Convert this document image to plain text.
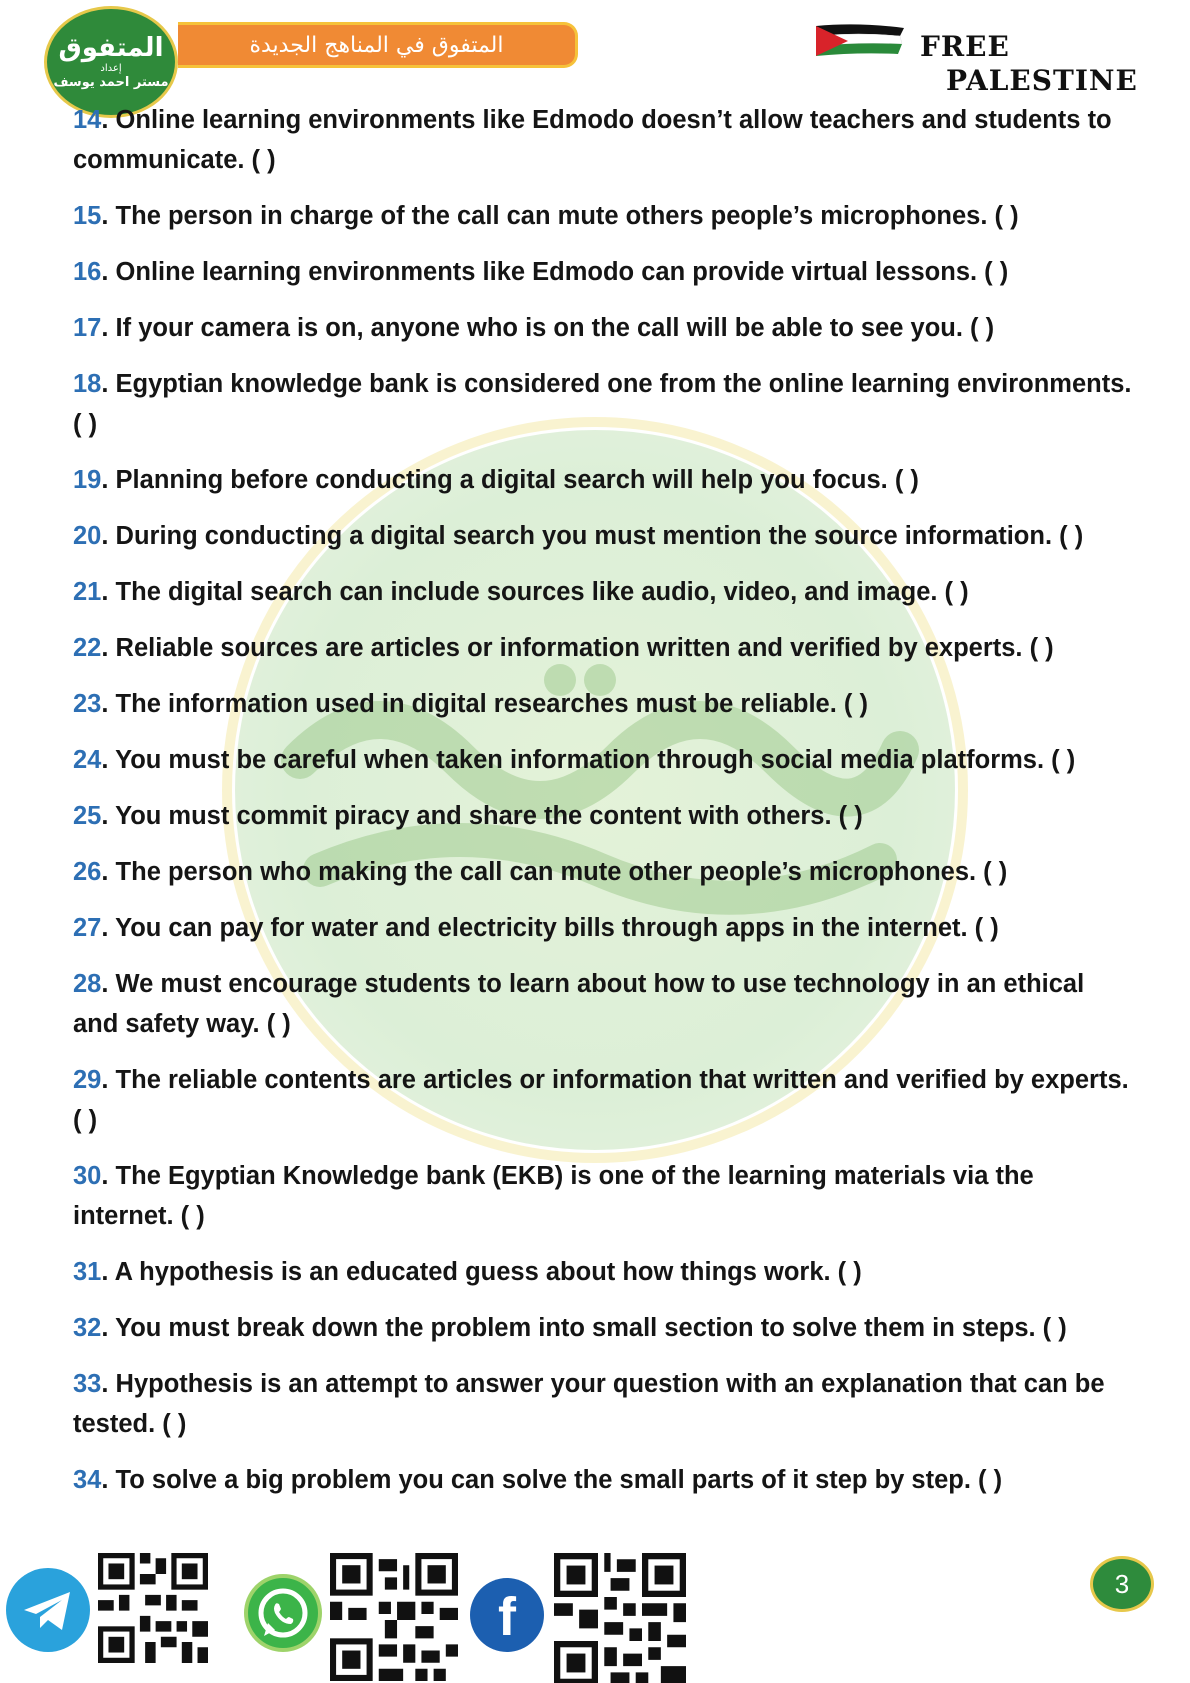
المتفوق
إعداد
مستر احمد يوسف
المتفوق في المناهج الجديدة	FREE
PALESTINE
14. Online learning environments like Edmodo doesn’t allow teachers and students to communicate. ( )
15. The person in charge of the call can mute others people’s microphones. ( )
16. Online learning environments like Edmodo can provide virtual lessons. ( )
17. If your camera is on, anyone who is on the call will be able to see you. ( )
18. Egyptian knowledge bank is considered one from the online learning environments. ( )
19. Planning before conducting a digital search will help you focus. ( )
20. During conducting a digital search you must mention the source information. ( )
21. The digital search can include sources like audio, video, and image. ( )
22. Reliable sources are articles or information written and verified by experts. ( )
23. The information used in digital researches must be reliable. ( )
24. You must be careful when taken information through social media platforms. ( )
25. You must commit piracy and share the content with others. ( )
26. The person who making the call can mute other people’s microphones. ( )
27. You can pay for water and electricity bills through apps in the internet. ( )
28. We must encourage students to learn about how to use technology in an ethical and safety way. ( )
29. The reliable contents are articles or information that written and verified by experts. ( )
30. The Egyptian Knowledge bank (EKB) is one of the learning materials via the internet. ( )
31. A hypothesis is an educated guess about how things work. ( )
32. You must break down the problem into small section to solve them in steps. ( )
33. Hypothesis is an attempt to answer your question with an explanation that can be tested. ( )
34. To solve a big problem you can solve the small parts of it step by step. ( )
f
3
